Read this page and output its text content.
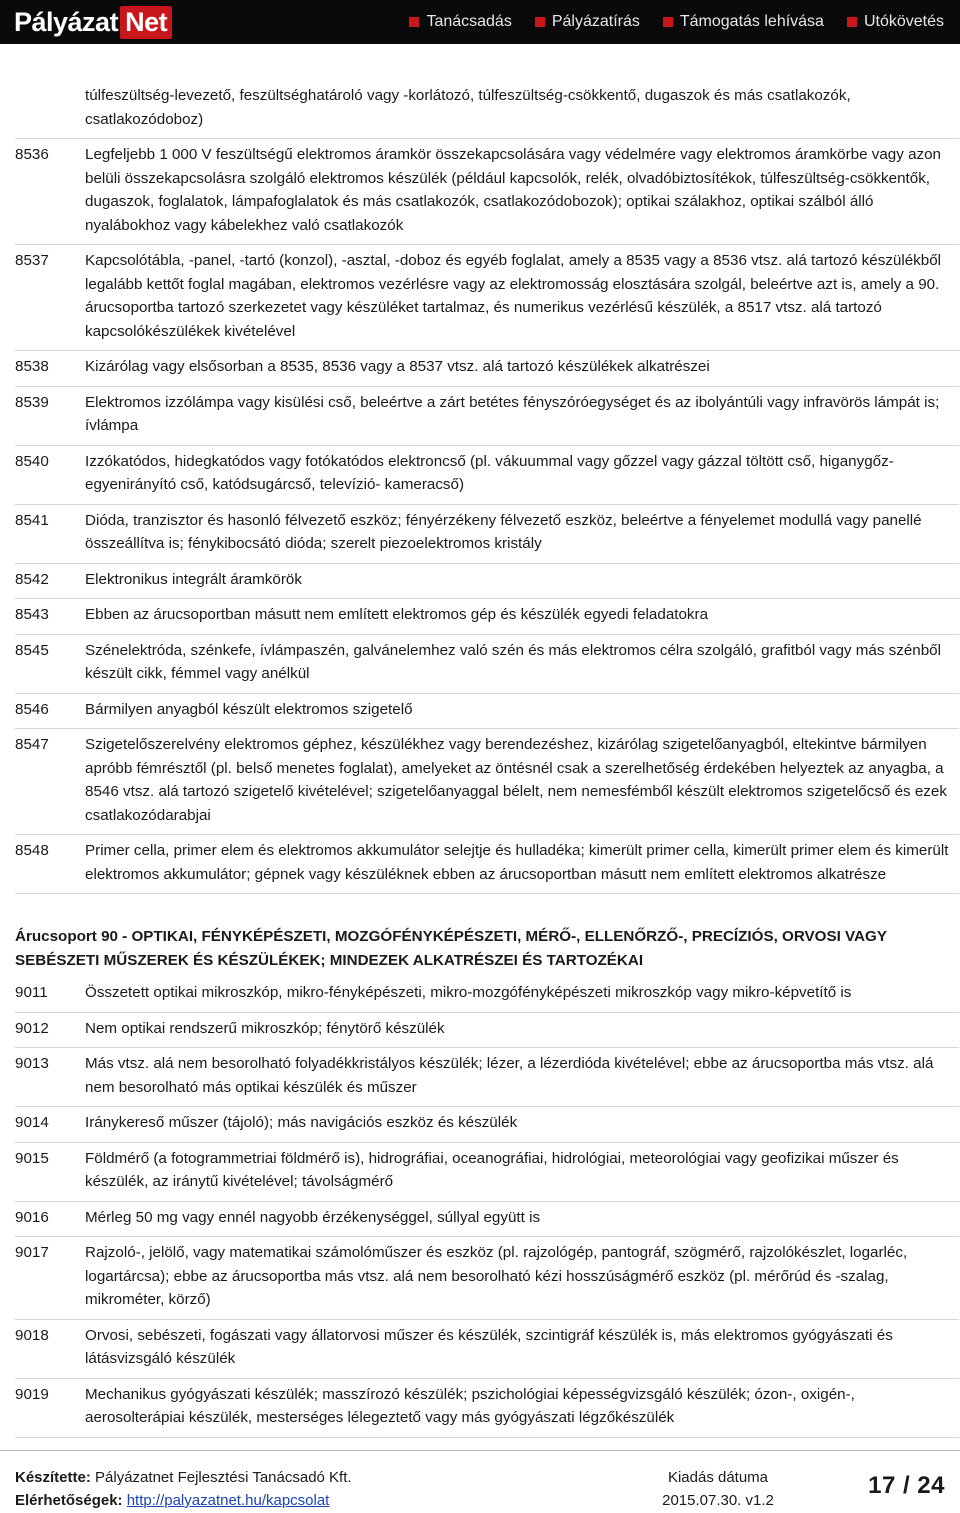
Pályázat Net	Tanácsadás	Pályázatírás	Támogatás lehívása	Utókövetés
túlfeszültség-levezető, feszültséghatároló vagy -korlátozó, túlfeszültség-csökkentő, dugaszok és más csatlakozók, csatlakozódoboz)
8536	Legfeljebb 1 000 V feszültségű elektromos áramkör összekapcsolására vagy védelmére vagy elektromos áramkörbe vagy azon belüli összekapcsolásra szolgáló elektromos készülék (például kapcsolók, relék, olvadóbiztosítékok, túlfeszültség-csökkentők, dugaszok, foglalatok, lámpafoglalatok és más csatlakozók, csatlakozódobozok); optikai szálakhoz, optikai szálból álló nyalábokhoz vagy kábelekhez való csatlakozók
8537	Kapcsolótábla, -panel, -tartó (konzol), -asztal, -doboz és egyéb foglalat, amely a 8535 vagy a 8536 vtsz. alá tartozó készülékből legalább kettőt foglal magában, elektromos vezérlésre vagy az elektromosság elosztására szolgál, beleértve azt is, amely a 90. árucsoportba tartozó szerkezetet vagy készüléket tartalmaz, és numerikus vezérlésű készülék, a 8517 vtsz. alá tartozó kapcsolókészülékek kivételével
8538	Kizárólag vagy elsősorban a 8535, 8536 vagy a 8537 vtsz. alá tartozó készülékek alkatrészei
8539	Elektromos izzólámpa vagy kisülési cső, beleértve a zárt betétes fényszóróegységet és az ibolyántúli vagy infravörös lámpát is; ívlámpa
8540	Izzókatódos, hidegkatódos vagy fotókatódos elektroncső (pl. vákuummal vagy gőzzel vagy gázzal töltött cső, higanygőz-egyenirányító cső, katódsugárcső, televízió- kameracső)
8541	Dióda, tranzisztor és hasonló félvezető eszköz; fényérzékeny félvezető eszköz, beleértve a fényelemet modullá vagy panellé összeállítva is; fénykibocsátó dióda; szerelt piezoelektromos kristály
8542	Elektronikus integrált áramkörök
8543	Ebben az árucsoportban másutt nem említett elektromos gép és készülék egyedi feladatokra
8545	Szénelektróda, szénkefe, ívlámpaszén, galvánelemhez való szén és más elektromos célra szolgáló, grafitból vagy más szénből készült cikk, fémmel vagy anélkül
8546	Bármilyen anyagból készült elektromos szigetelő
8547	Szigetelőszerelvény elektromos géphez, készülékhez vagy berendezéshez, kizárólag szigetelőanyagból, eltekintve bármilyen apróbb fémrésztől (pl. belső menetes foglalat), amelyeket az öntésnél csak a szerelhetőség érdekében helyeztek az anyagba, a 8546 vtsz. alá tartozó szigetelő kivételével; szigetelőanyaggal bélelt, nem nemesfémből készült elektromos szigetelőcső és ezek csatlakozódarabjai
8548	Primer cella, primer elem és elektromos akkumulátor selejtje és hulladéka; kimerült primer cella, kimerült primer elem és kimerült elektromos akkumulátor; gépnek vagy készüléknek ebben az árucsoportban másutt nem említett elektromos alkatrésze
Árucsoport 90 - OPTIKAI, FÉNYKÉPÉSZETI, MOZGÓFÉNYKÉPÉSZETI, MÉRŐ-, ELLENŐRZŐ-, PRECÍZIÓS, ORVOSI VAGY SEBÉSZETI MŰSZEREK ÉS KÉSZÜLÉKEK; MINDEZEK ALKATRÉSZEI ÉS TARTOZÉKAI
9011	Összetett optikai mikroszkóp, mikro-fényképészeti, mikro-mozgófényképészeti mikroszkóp vagy mikro-képvetítő is
9012	Nem optikai rendszerű mikroszkóp; fénytörő készülék
9013	Más vtsz. alá nem besorolható folyadékkristályos készülék; lézer, a lézerdióda kivételével; ebbe az árucsoportba más vtsz. alá nem besorolható más optikai készülék és műszer
9014	Iránykereső műszer (tájoló); más navigációs eszköz és készülék
9015	Földmérő (a fotogrammetriai földmérő is), hidrográfiai, oceanográfiai, hidrológiai, meteorológiai vagy geofizikai műszer és készülék, az iránytű kivételével; távolságmérő
9016	Mérleg 50 mg vagy ennél nagyobb érzékenységgel, súllyal együtt is
9017	Rajzoló-, jelölő, vagy matematikai számolóműszer és eszköz (pl. rajzológép, pantográf, szögmérő, rajzolókészlet, logarléc, logartárcsa); ebbe az árucsoportba más vtsz. alá nem besorolható kézi hosszúságmérő eszköz (pl. mérőrúd és -szalag, mikrométer, körző)
9018	Orvosi, sebészeti, fogászati vagy állatorvosi műszer és készülék, szcintigráf készülék is, más elektromos gyógyászati és látásvizsgáló készülék
9019	Mechanikus gyógyászati készülék; masszírozó készülék; pszichológiai képességvizsgáló készülék; ózon-, oxigén-, aerosolterápiai készülék, mesterséges lélegeztető vagy más gyógyászati légzőkészülék
Készítette: Pályázatnet Fejlesztési Tanácsadó Kft.
Elérhetőségek: http://palyazatnet.hu/kapcsolat
Kiadás dátuma
2015.07.30. v1.2
17 / 24
